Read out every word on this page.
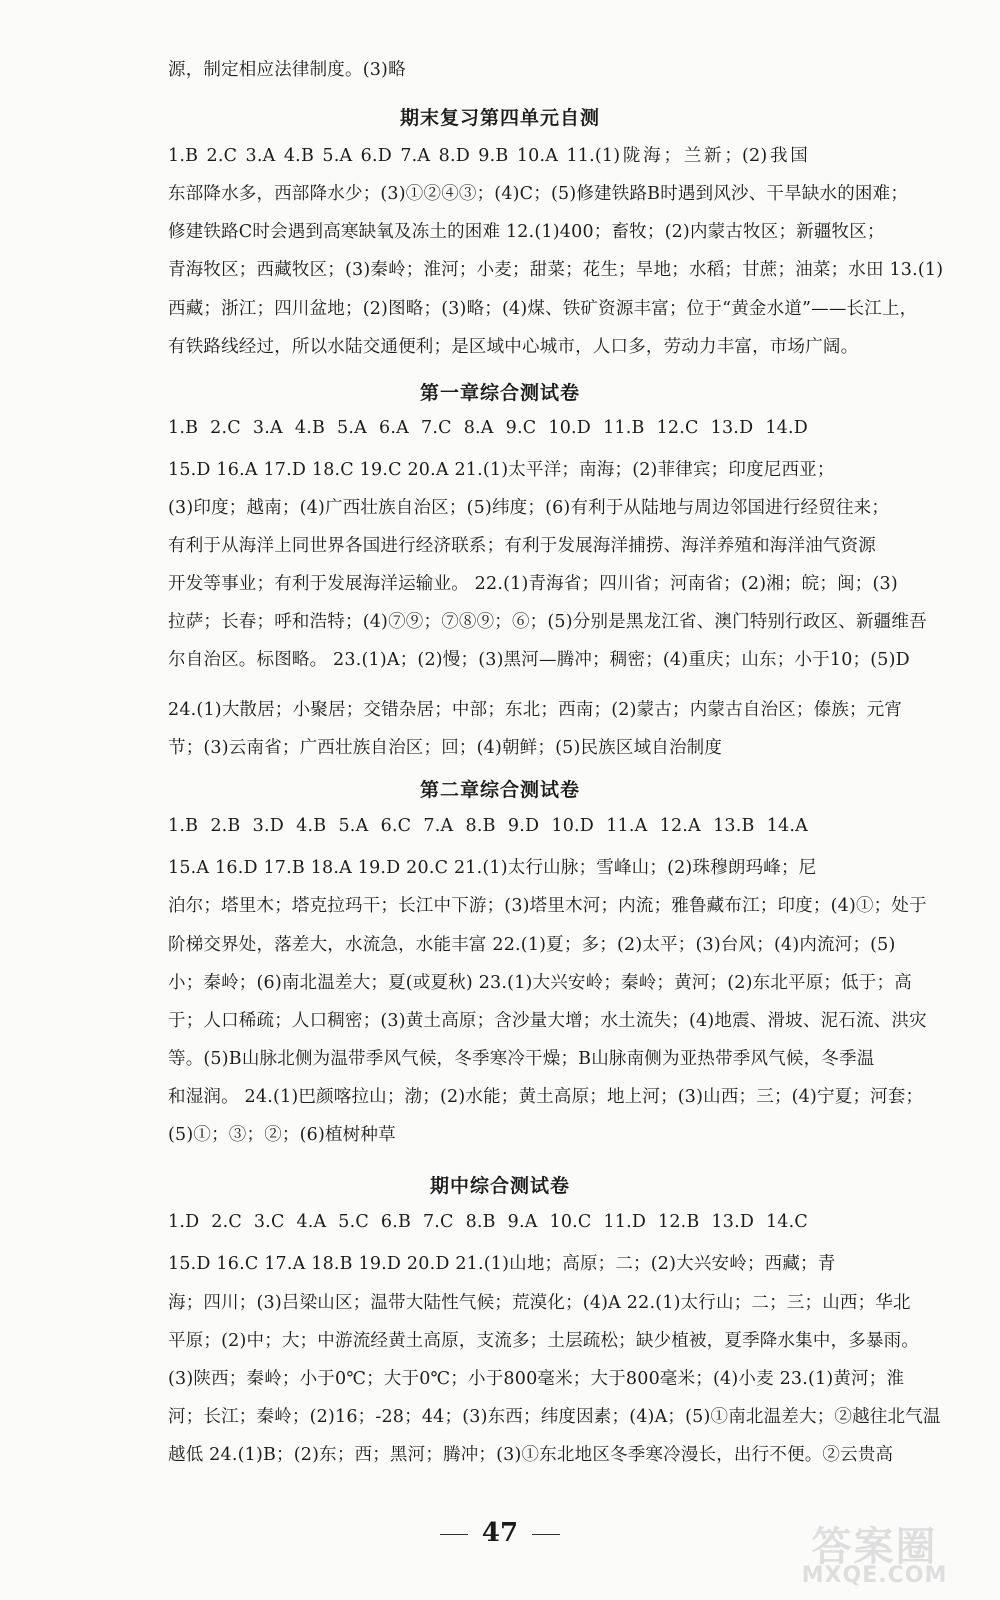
源，制定相应法律制度。(3)略
期末复习第四单元自测
1.B 2.C 3.A 4.B 5.A 6.D 7.A 8.D 9.B 10.A 11.(1)陇海；兰新；(2)我国
东部降水多，西部降水少；(3)①②④③；(4)C；(5)修建铁路B时遇到风沙、干旱缺水的困难；
修建铁路C时会遇到高寒缺氧及冻土的困难 12.(1)400；畜牧；(2)内蒙古牧区；新疆牧区；
青海牧区；西藏牧区；(3)秦岭；淮河；小麦；甜菜；花生；旱地；水稻；甘蔗；油菜；水田 13.(1)
西藏；浙江；四川盆地；(2)图略；(3)略；(4)煤、铁矿资源丰富；位于“黄金水道”——长江上，
有铁路线经过，所以水陆交通便利；是区域中心城市，人口多，劳动力丰富，市场广阔。
第一章综合测试卷
1.B 2.C 3.A 4.B 5.A 6.A 7.C 8.A 9.C 10.D 11.B 12.C 13.D 14.D
15.D 16.A 17.D 18.C 19.C 20.A 21.(1)太平洋；南海；(2)菲律宾；印度尼西亚；
(3)印度；越南；(4)广西壮族自治区；(5)纬度；(6)有利于从陆地与周边邻国进行经贸往来；
有利于从海洋上同世界各国进行经济联系；有利于发展海洋捕捞、海洋养殖和海洋油气资源
开发等事业；有利于发展海洋运输业。 22.(1)青海省；四川省；河南省；(2)湘；皖；闽；(3)
拉萨；长春；呼和浩特；(4)⑦⑨；⑦⑧⑨；⑥；(5)分别是黑龙江省、澳门特别行政区、新疆维吾
尔自治区。标图略。 23.(1)A；(2)慢；(3)黑河—腾冲；稠密；(4)重庆；山东；小于10；(5)D
24.(1)大散居；小聚居；交错杂居；中部；东北；西南；(2)蒙古；内蒙古自治区；傣族；元宵
节；(3)云南省；广西壮族自治区；回；(4)朝鲜；(5)民族区域自治制度
第二章综合测试卷
1.B 2.B 3.D 4.B 5.A 6.C 7.A 8.B 9.D 10.D 11.A 12.A 13.B 14.A
15.A 16.D 17.B 18.A 19.D 20.C 21.(1)太行山脉；雪峰山；(2)珠穆朗玛峰；尼
泊尔；塔里木；塔克拉玛干；长江中下游；(3)塔里木河；内流；雅鲁藏布江；印度；(4)①；处于
阶梯交界处，落差大，水流急，水能丰富 22.(1)夏；多；(2)太平；(3)台风；(4)内流河；(5)
小；秦岭；(6)南北温差大；夏(或夏秋) 23.(1)大兴安岭；秦岭；黄河；(2)东北平原；低于；高
于；人口稀疏；人口稠密；(3)黄土高原；含沙量大增；水土流失；(4)地震、滑坡、泥石流、洪灾
等。(5)B山脉北侧为温带季风气候，冬季寒冷干燥；B山脉南侧为亚热带季风气候，冬季温
和湿润。 24.(1)巴颜喀拉山；渤；(2)水能；黄土高原；地上河；(3)山西；三；(4)宁夏；河套；
(5)①；③；②；(6)植树种草
期中综合测试卷
1.D 2.C 3.C 4.A 5.C 6.B 7.C 8.B 9.A 10.C 11.D 12.B 13.D 14.C
15.D 16.C 17.A 18.B 19.D 20.D 21.(1)山地；高原；二；(2)大兴安岭；西藏；青
海；四川；(3)吕梁山区；温带大陆性气候；荒漠化；(4)A 22.(1)太行山；二；三；山西；华北
平原；(2)中；大；中游流经黄土高原，支流多；土层疏松；缺少植被，夏季降水集中，多暴雨。
(3)陕西；秦岭；小于0℃；大于0℃；小于800毫米；大于800毫米；(4)小麦 23.(1)黄河；淮
河；长江；秦岭；(2)16；-28；44；(3)东西；纬度因素；(4)A；(5)①南北温差大；②越往北气温
越低 24.(1)B；(2)东；西；黑河；腾冲；(3)①东北地区冬季寒冷漫长，出行不便。②云贵高
47	答案圈
MXQE.COM
